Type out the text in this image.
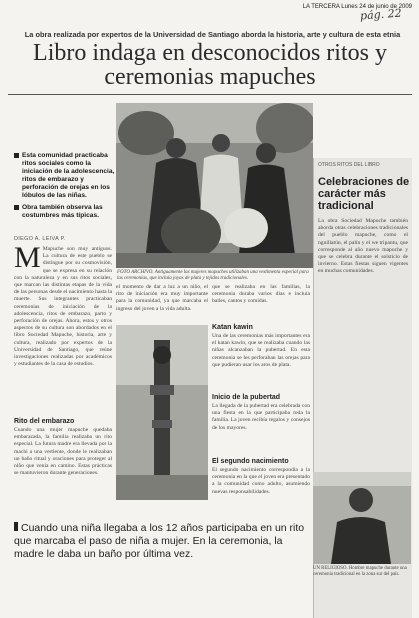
LA TERCERA Lunes 24 de junio de 2009
pág. 22
La obra realizada por expertos de la Universidad de Santiago aborda la historia, arte y cultura de esta etnia
Libro indaga en desconocidos ritos y ceremonias mapuches
FOTO ARCHIVO. Antiguamente las mujeres mapuches utilizaban una vestimenta especial para las ceremonias, que incluía joyas de plata y tejidos tradicionales.
Esta comunidad practicaba ritos sociales como la iniciación de la adolescencia, ritos de embarazo y perforación de orejas en los lóbulos de las niñas.
Obra también observa las costumbres más típicas.
DIEGO A. LEIVA P.
M Mapuche son muy antiguos. La cultura de este pueblo se distingue por su cosmovisión, que se expresa en su relación con la naturaleza y en sus ritos sociales, que marcan las distintas etapas de la vida de las personas desde el nacimiento hasta la muerte. Sus integrantes practicaban ceremonias de iniciación de la adolescencia, ritos de embarazo, parto y perforación de orejas. Ahora, estos y otros aspectos de su cultura son abordados en el libro Sociedad Mapuche, historia, arte y cultura, realizado por expertos de la Universidad de Santiago, que reúne investigaciones realizadas por académicos y estudiantes de la casa de estudios.
Rito del embarazo
Cuando una mujer mapuche quedaba embarazada, la familia realizaba un rito especial. La futura madre era llevada por la machi a una vertiente, donde le realizaban un baño ritual y oraciones para proteger al niño que venía en camino. Estas prácticas se mantuvieron durante generaciones.
el momento de dar a luz a un niño, el rito de iniciación era muy importante para la comunidad, ya que marcaba el ingreso del joven a la vida adulta.
que se realizaba en las familias, la ceremonia duraba varios días e incluía bailes, cantos y comidas.
Katan kawin
Una de las ceremonias más importantes era el katan kawin, que se realizaba cuando las niñas alcanzaban la pubertad. En esta ceremonia se les perforaban las orejas para que pudieran usar los aros de plata.
Inicio de la pubertad
La llegada de la pubertad era celebrada con una fiesta en la que participaba toda la familia. La joven recibía regalos y consejos de los mayores.
El segundo nacimiento
El segundo nacimiento correspondía a la ceremonia en la que el joven era presentado a la comunidad como adulto, asumiendo nuevas responsabilidades.
OTROS RITOS DEL LIBRO
Celebraciones de carácter más tradicional
La obra Sociedad Mapuche también aborda otras celebraciones tradicionales del pueblo mapuche, como el nguillatún, el palín y el we tripantu, que corresponde al año nuevo mapuche y que se celebra durante el solsticio de invierno. Estas fiestas siguen vigentes en muchas comunidades.
UN RELIGIOSO. Hombre mapuche durante una ceremonia tradicional en la zona sur del país.
Cuando una niña llegaba a los 12 años participaba en un rito que marcaba el paso de niña a mujer. En la ceremonia, la madre le daba un baño por última vez.
